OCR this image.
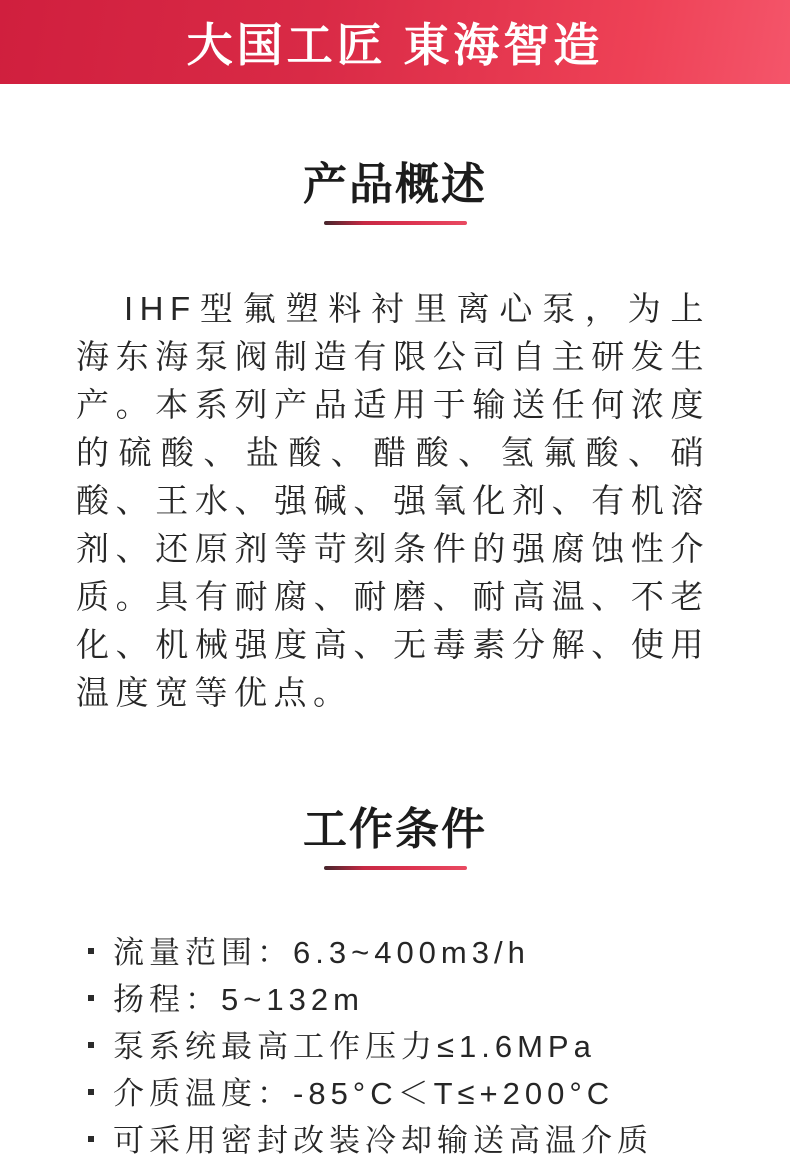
大国工匠 東海智造
产品概述

IHF型氟塑料衬里离心泵，为上海东海泵阀制造有限公司自主研发生产。本系列产品适用于输送任何浓度的硫酸、盐酸、醋酸、氢氟酸、硝酸、王水、强碱、强氧化剂、有机溶剂、还原剂等苛刻条件的强腐蚀性介质。具有耐腐、耐磨、耐高温、不老化、机械强度高、无毒素分解、使用温度宽等优点。

工作条件
流量范围：6.3~400m3/h
扬程：5~132m
泵系统最高工作压力≤1.6MPa
介质温度：-85°C＜T≤+200°C
可采用密封改装冷却输送高温介质
